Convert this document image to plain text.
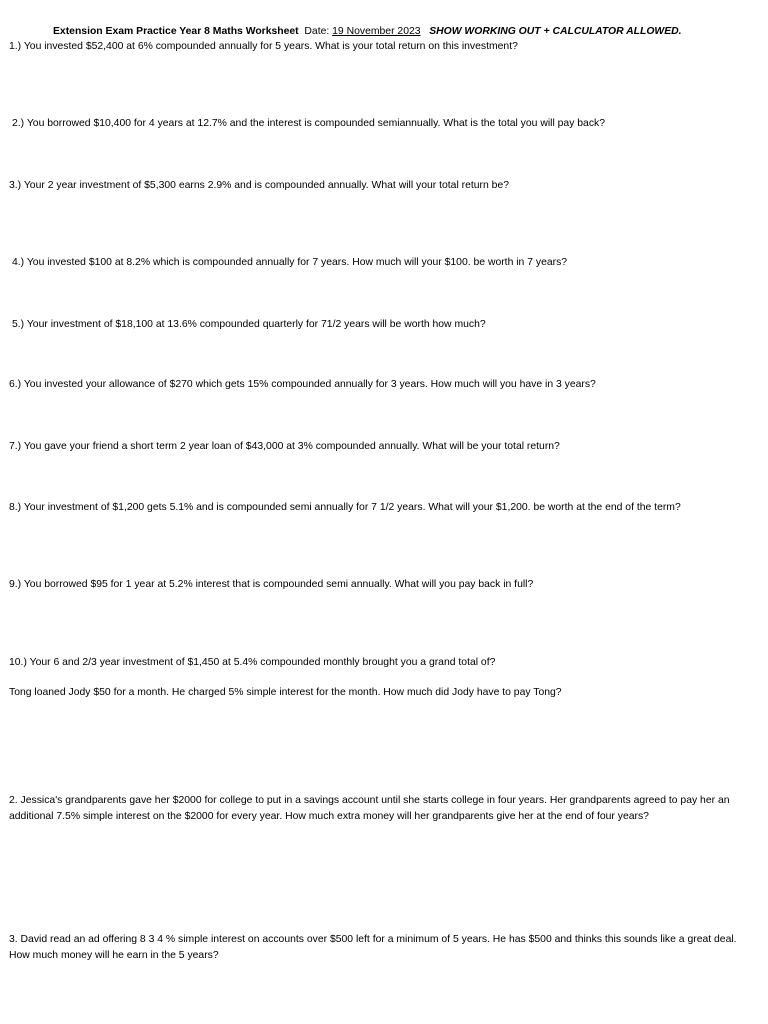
Extension Exam Practice Year 8 Maths Worksheet Date: 19 November 2023 SHOW WORKING OUT + CALCULATOR ALLOWED.
1.) You invested $52,400 at 6% compounded annually for 5 years. What is your total return on this investment?
2.) You borrowed $10,400 for 4 years at 12.7% and the interest is compounded semiannually. What is the total you will pay back?
3.) Your 2 year investment of $5,300 earns 2.9% and is compounded annually. What will your total return be?
4.) You invested $100 at 8.2% which is compounded annually for 7 years. How much will your $100. be worth in 7 years?
5.) Your investment of $18,100 at 13.6% compounded quarterly for 71/2 years will be worth how much?
6.) You invested your allowance of $270 which gets 15% compounded annually for 3 years. How much will you have in 3 years?
7.) You gave your friend a short term 2 year loan of $43,000 at 3% compounded annually. What will be your total return?
8.) Your investment of $1,200 gets 5.1% and is compounded semi annually for 7 1/2 years. What will your $1,200. be worth at the end of the term?
9.) You borrowed $95 for 1 year at 5.2% interest that is compounded semi annually. What will you pay back in full?
10.) Your 6 and 2/3 year investment of $1,450 at 5.4% compounded monthly brought you a grand total of?
Tong loaned Jody $50 for a month. He charged 5% simple interest for the month. How much did Jody have to pay Tong?
2. Jessica's grandparents gave her $2000 for college to put in a savings account until she starts college in four years. Her grandparents agreed to pay her an additional 7.5% simple interest on the $2000 for every year. How much extra money will her grandparents give her at the end of four years?
3. David read an ad offering 8 3 4 % simple interest on accounts over $500 left for a minimum of 5 years. He has $500 and thinks this sounds like a great deal. How much money will he earn in the 5 years?
